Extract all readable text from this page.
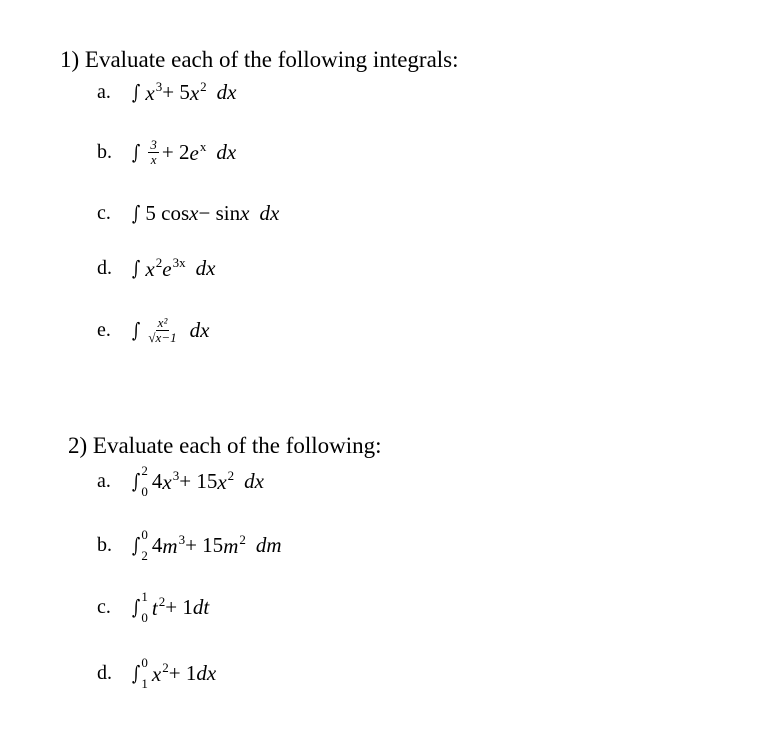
1) Evaluate each of the following integrals:
a.	∫ $x^3 + 5$ $x^2$ dx
b.	∫ $\frac{3}{x} + 2$ $e^x$ dx
c.	∫ 5 cos x − sin x dx
d.	∫ $x^2$ $e^{3x}$ dx
e.	∫ $\frac{\text{x²}}{√x-1}$ dx
2) Evaluate each of the following:
a.	∫ 2
0 4 $x^3 + 15$ $x^2$ dx
b.	∫ 0
2 4 $m^3 + 15$ $m^2$ dm
c.	∫ 1
0 $t^2 + 1$ dt
d.	∫ 0
1 $x^2 + 1$ dx
